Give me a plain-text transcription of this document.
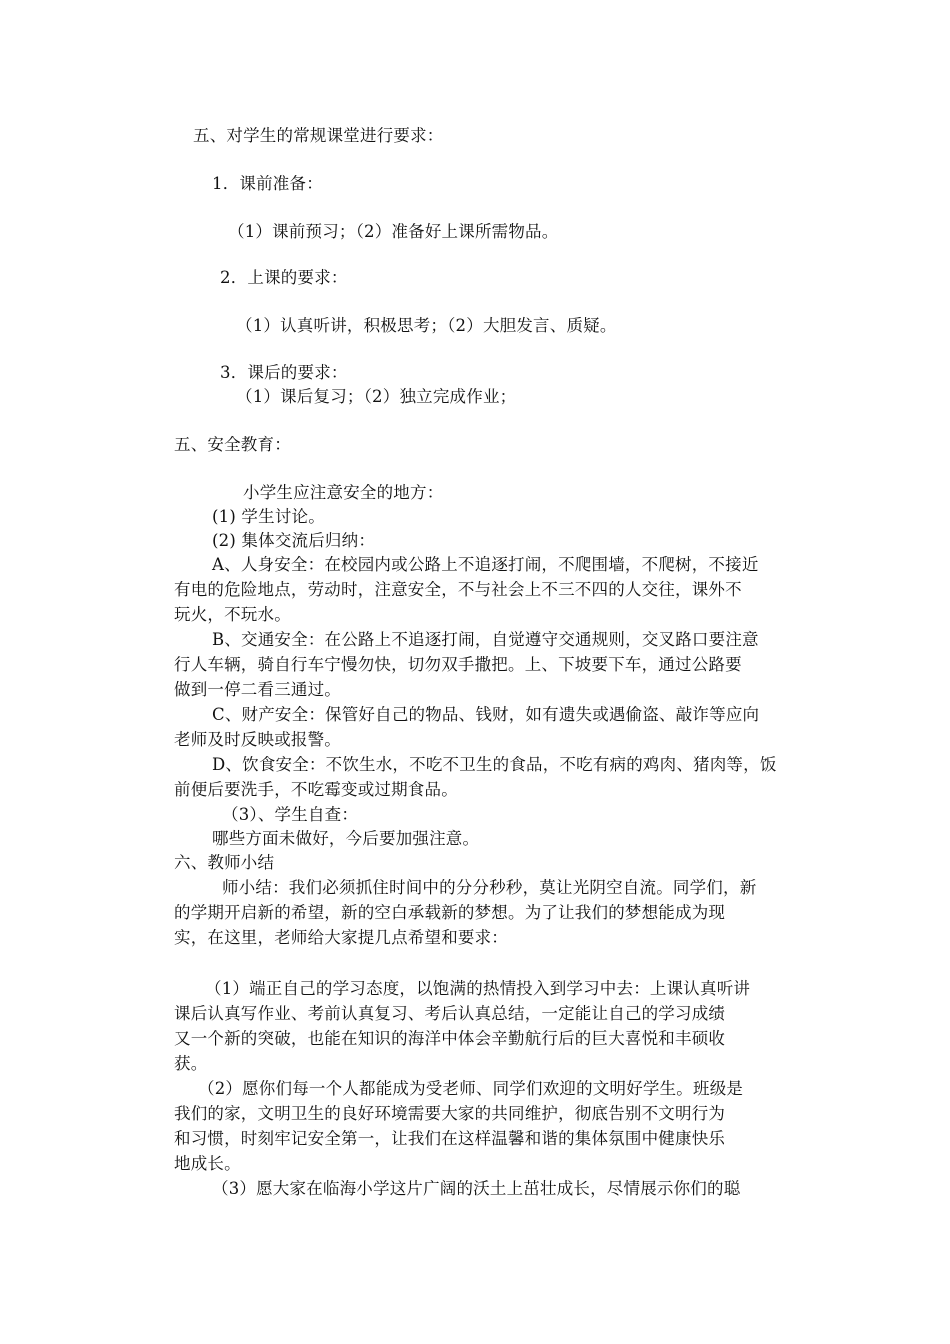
五、对学生的常规课堂进行要求：
1．课前准备：
（1）课前预习；（2）准备好上课所需物品。
2．上课的要求：
（1）认真听讲，积极思考；（2）大胆发言、质疑。
3．课后的要求：
（1）课后复习；（2）独立完成作业；
五、安全教育：
小学生应注意安全的地方：
(1) 学生讨论。
(2) 集体交流后归纳：
A、人身安全：在校园内或公路上不追逐打闹，不爬围墙，不爬树，不接近
有电的危险地点，劳动时，注意安全，不与社会上不三不四的人交往，课外不
玩火，不玩水。
B、交通安全：在公路上不追逐打闹，自觉遵守交通规则，交叉路口要注意
行人车辆，骑自行车宁慢勿快，切勿双手撒把。上、下坡要下车，通过公路要
做到一停二看三通过。
C、财产安全：保管好自己的物品、钱财，如有遗失或遇偷盗、敲诈等应向
老师及时反映或报警。
D、饮食安全：不饮生水，不吃不卫生的食品，不吃有病的鸡肉、猪肉等，饭
前便后要洗手，不吃霉变或过期食品。
（3）、学生自查：
哪些方面未做好，今后要加强注意。
六、教师小结
师小结：我们必须抓住时间中的分分秒秒，莫让光阴空自流。同学们，新
的学期开启新的希望，新的空白承载新的梦想。为了让我们的梦想能成为现
实，在这里，老师给大家提几点希望和要求：
（1）端正自己的学习态度，以饱满的热情投入到学习中去：上课认真听讲
课后认真写作业、考前认真复习、考后认真总结，一定能让自己的学习成绩
又一个新的突破，也能在知识的海洋中体会辛勤航行后的巨大喜悦和丰硕收
获。
（2）愿你们每一个人都能成为受老师、同学们欢迎的文明好学生。班级是
我们的家，文明卫生的良好环境需要大家的共同维护，彻底告别不文明行为
和习惯，时刻牢记安全第一，让我们在这样温馨和谐的集体氛围中健康快乐
地成长。
（3）愿大家在临海小学这片广阔的沃土上茁壮成长，尽情展示你们的聪
